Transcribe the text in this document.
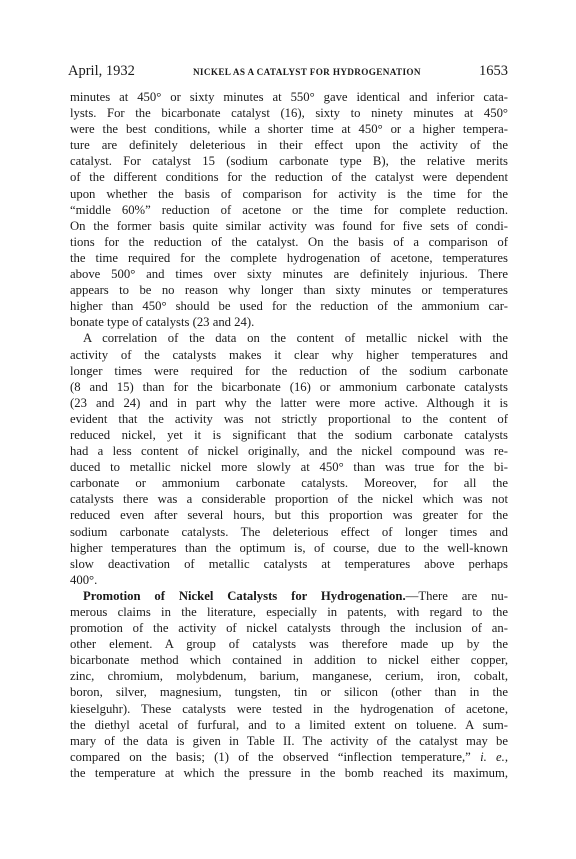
April, 1932	NICKEL AS A CATALYST FOR HYDROGENATION	1653

minutes at 450° or sixty minutes at 550° gave identical and inferior cata-

lysts. For the bicarbonate catalyst (16), sixty to ninety minutes at 450°

were the best conditions, while a shorter time at 450° or a higher tempera-

ture are definitely deleterious in their effect upon the activity of the

catalyst. For catalyst 15 (sodium carbonate type B), the relative merits

of the different conditions for the reduction of the catalyst were dependent

upon whether the basis of comparison for activity is the time for the

“middle 60%” reduction of acetone or the time for complete reduction.

On the former basis quite similar activity was found for five sets of condi-

tions for the reduction of the catalyst. On the basis of a comparison of

the time required for the complete hydrogenation of acetone, temperatures

above 500° and times over sixty minutes are definitely injurious. There

appears to be no reason why longer than sixty minutes or temperatures

higher than 450° should be used for the reduction of the ammonium car-

bonate type of catalysts (23 and 24).

A correlation of the data on the content of metallic nickel with the

activity of the catalysts makes it clear why higher temperatures and

longer times were required for the reduction of the sodium carbonate

(8 and 15) than for the bicarbonate (16) or ammonium carbonate catalysts

(23 and 24) and in part why the latter were more active. Although it is

evident that the activity was not strictly proportional to the content of

reduced nickel, yet it is significant that the sodium carbonate catalysts

had a less content of nickel originally, and the nickel compound was re-

duced to metallic nickel more slowly at 450° than was true for the bi-

carbonate or ammonium carbonate catalysts. Moreover, for all the

catalysts there was a considerable proportion of the nickel which was not

reduced even after several hours, but this proportion was greater for the

sodium carbonate catalysts. The deleterious effect of longer times and

higher temperatures than the optimum is, of course, due to the well-known

slow deactivation of metallic catalysts at temperatures above perhaps

400°.

Promotion of Nickel Catalysts for Hydrogenation.—There are nu-

merous claims in the literature, especially in patents, with regard to the

promotion of the activity of nickel catalysts through the inclusion of an-

other element. A group of catalysts was therefore made up by the

bicarbonate method which contained in addition to nickel either copper,

zinc, chromium, molybdenum, barium, manganese, cerium, iron, cobalt,

boron, silver, magnesium, tungsten, tin or silicon (other than in the

kieselguhr). These catalysts were tested in the hydrogenation of acetone,

the diethyl acetal of furfural, and to a limited extent on toluene. A sum-

mary of the data is given in Table II. The activity of the catalyst may be

compared on the basis; (1) of the observed “inflection temperature,” i. e.,

the temperature at which the pressure in the bomb reached its maximum,
